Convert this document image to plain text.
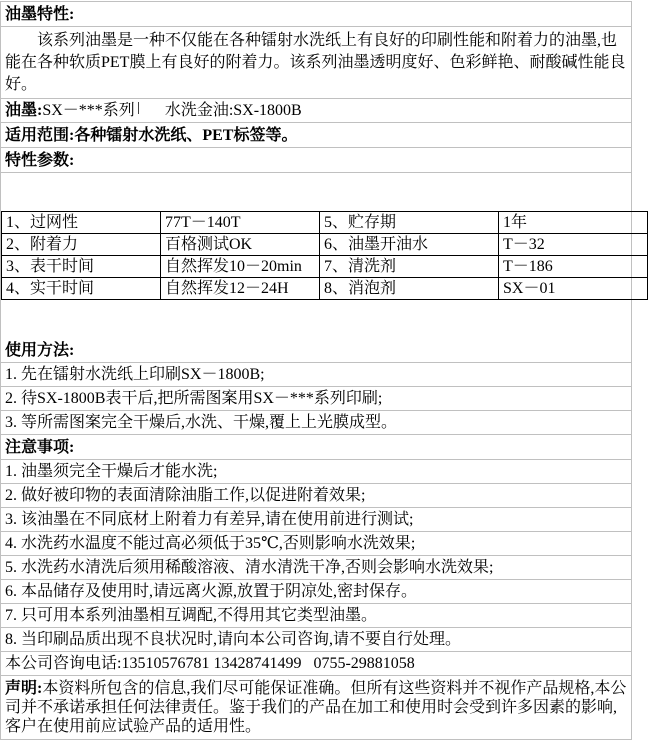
油墨特性:
　　该系列油墨是一种不仅能在各种镭射水洗纸上有良好的印刷性能和附着力的油墨,也能在各种软质PET膜上有良好的附着力。该系列油墨透明度好、色彩鲜艳、耐酸碱性能良好。
油墨:SX－***系列 水洗金油:SX-1800B
适用范围:各种镭射水洗纸、PET标签等。
特性参数:

1、过网性	77T－140T	5、贮存期	1年
2、附着力	百格测试OK	6、油墨开油水	T－32
3、表干时间	自然挥发10－20min	7、清洗剂	T－186
4、实干时间	自然挥发12－24H	8、消泡剂	SX－01

使用方法:
1. 先在镭射水洗纸上印刷SX－1800B;
2. 待SX-1800B表干后,把所需图案用SX－***系列印刷;
3. 等所需图案完全干燥后,水洗、干燥,覆上上光膜成型。
注意事项:
1. 油墨须完全干燥后才能水洗;
2. 做好被印物的表面清除油脂工作,以促进附着效果;
3. 该油墨在不同底材上附着力有差异,请在使用前进行测试;
4. 水洗药水温度不能过高必须低于35℃,否则影响水洗效果;
5. 水洗药水清洗后须用稀酸溶液、清水清洗干净,否则会影响水洗效果;
6. 本品储存及使用时,请远离火源,放置于阴凉处,密封保存。
7. 只可用本系列油墨相互调配,不得用其它类型油墨。
8. 当印刷品质出现不良状况时,请向本公司咨询,请不要自行处理。
本公司咨询电话:13510576781 13428741499   0755-29881058
声明:本资料所包含的信息,我们尽可能保证准确。但所有这些资料并不视作产品规格,本公司并不承诺承担任何法律责任。鉴于我们的产品在加工和使用时会受到许多因素的影响,客户在使用前应试验产品的适用性。
